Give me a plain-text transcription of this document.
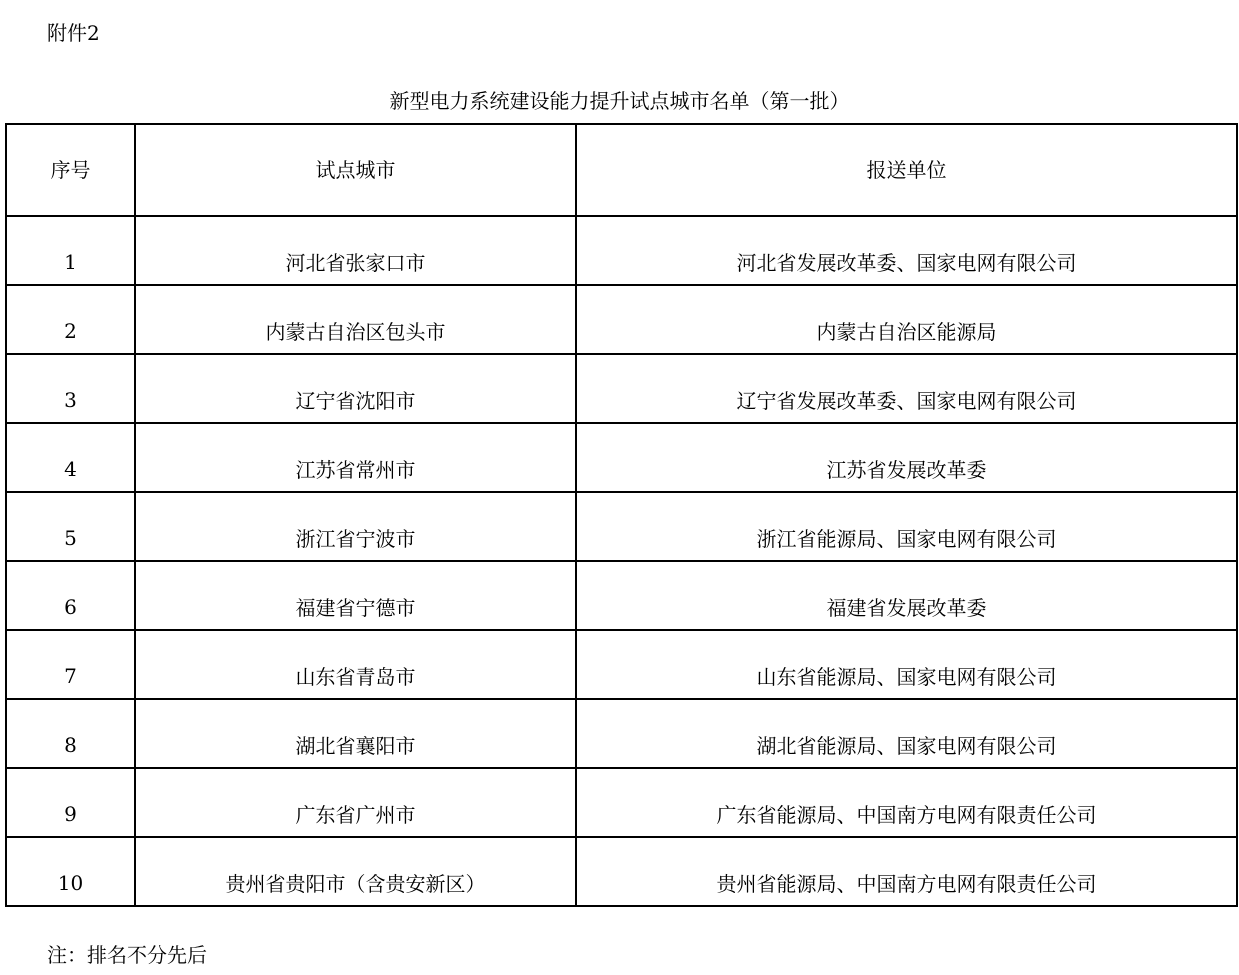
附件2
新型电力系统建设能力提升试点城市名单（第一批）
序号	试点城市	报送单位
1	河北省张家口市	河北省发展改革委、国家电网有限公司
2	内蒙古自治区包头市	内蒙古自治区能源局
3	辽宁省沈阳市	辽宁省发展改革委、国家电网有限公司
4	江苏省常州市	江苏省发展改革委
5	浙江省宁波市	浙江省能源局、国家电网有限公司
6	福建省宁德市	福建省发展改革委
7	山东省青岛市	山东省能源局、国家电网有限公司
8	湖北省襄阳市	湖北省能源局、国家电网有限公司
9	广东省广州市	广东省能源局、中国南方电网有限责任公司
10	贵州省贵阳市（含贵安新区）	贵州省能源局、中国南方电网有限责任公司
注：排名不分先后
